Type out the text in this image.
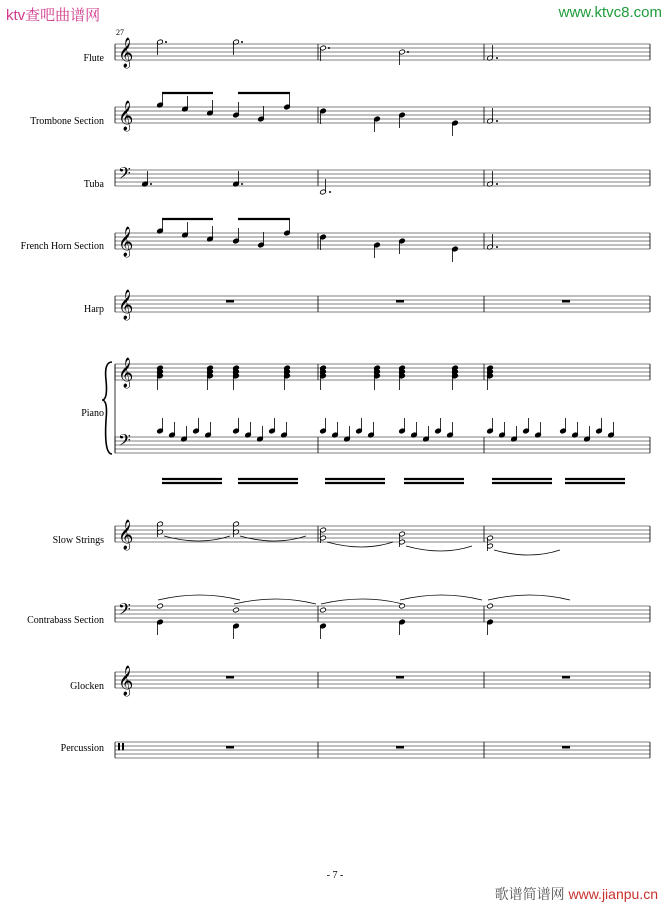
ktv查吧曲谱网	www.ktvc8.com
歌谱简谱网 www.jianpu.cn
27
Flute
Trombone Section
Tuba
French Horn Section
Harp
Piano
Slow Strings
Contrabass Section
Glocken
Percussion
- 7 -
𝄞
𝄞
𝄞
𝄢
𝄞
𝄞
𝄥
𝄞
𝄢
𝄞
𝄢
